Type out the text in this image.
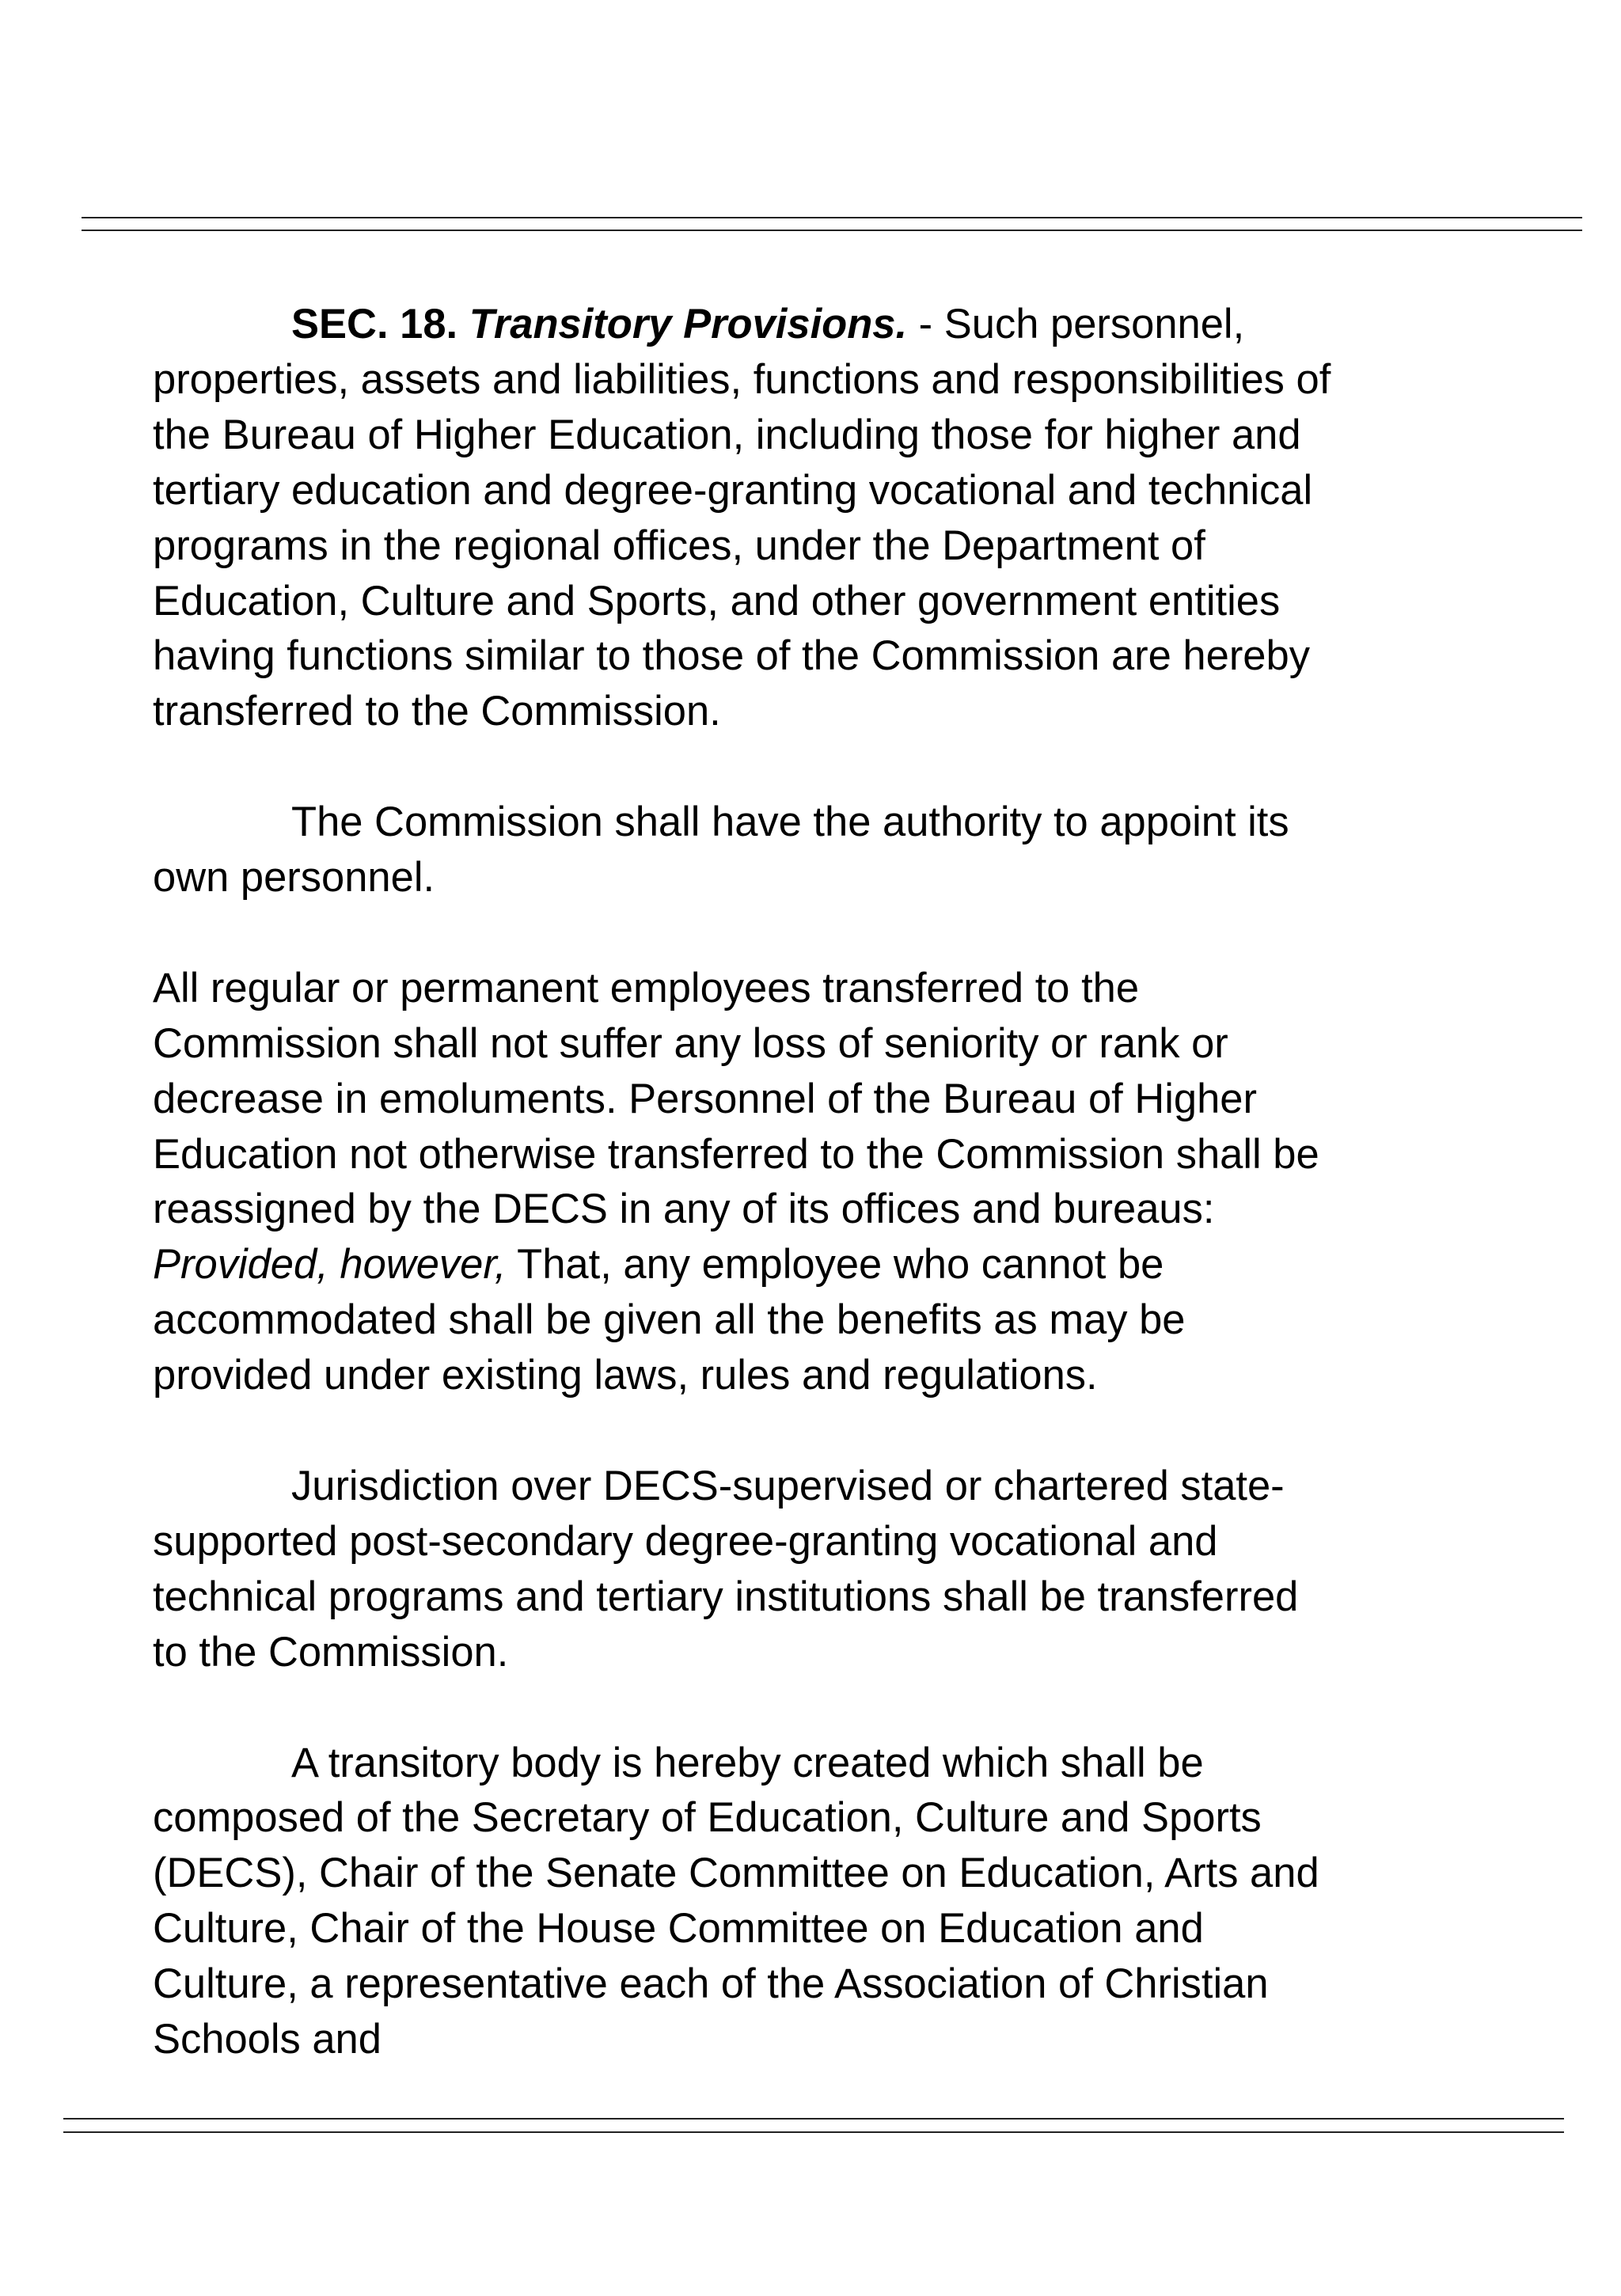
SEC. 18. Transitory Provisions. - Such personnel,
properties, assets and liabilities, functions and responsibilities of
the Bureau of Higher Education, including those for higher and
tertiary education and degree-granting vocational and technical
programs in the regional offices, under the Department of
Education, Culture and Sports, and other government entities
having functions similar to those of the Commission are hereby
transferred to the Commission.

The Commission shall have the authority to appoint its
own personnel.

All regular or permanent employees transferred to the
Commission shall not suffer any loss of seniority or rank or
decrease in emoluments. Personnel of the Bureau of Higher
Education not otherwise transferred to the Commission shall be
reassigned by the DECS in any of its offices and bureaus:
Provided, however, That, any employee who cannot be
accommodated shall be given all the benefits as may be
provided under existing laws, rules and regulations.

Jurisdiction over DECS-supervised or chartered state-
supported post-secondary degree-granting vocational and
technical programs and tertiary institutions shall be transferred
to the Commission.

A transitory body is hereby created which shall be
composed of the Secretary of Education, Culture and Sports
(DECS), Chair of the Senate Committee on Education, Arts and
Culture, Chair of the House Committee on Education and
Culture, a representative each of the Association of Christian
Schools and
